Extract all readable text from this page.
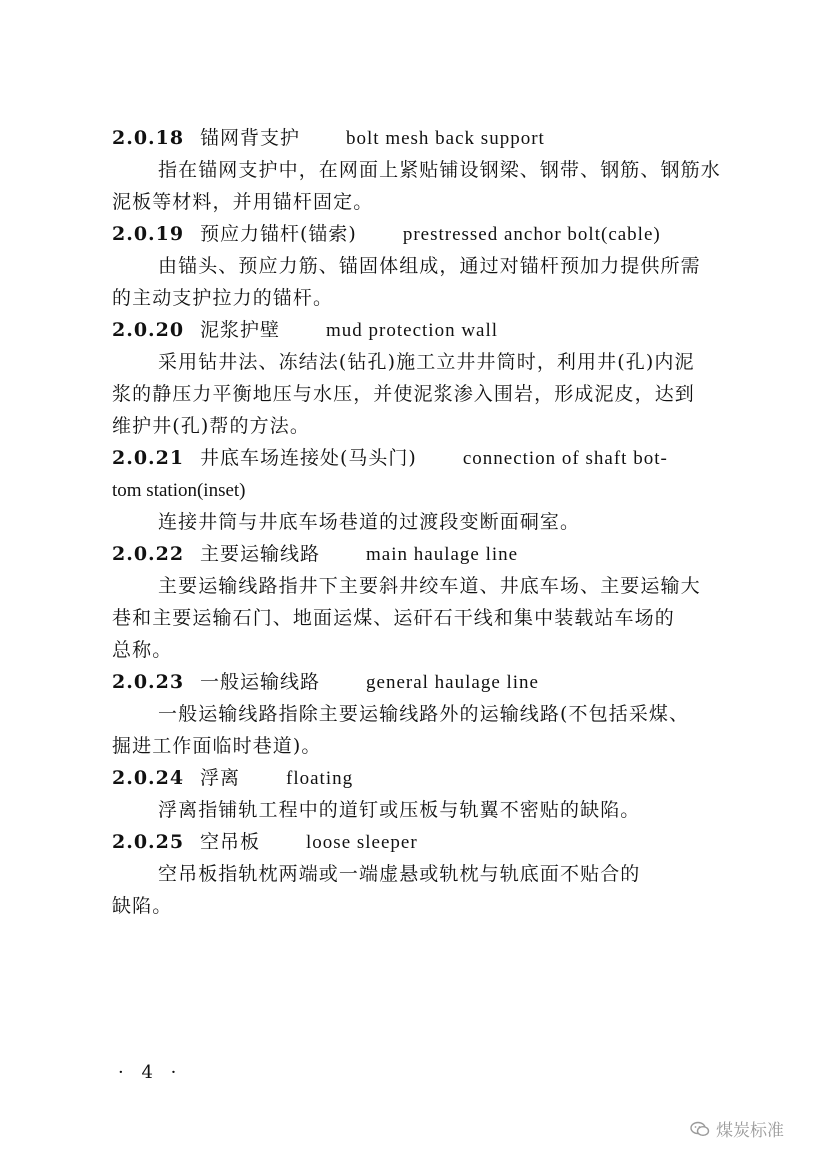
2.0.18 锚网背支护 bolt mesh back support
指在锚网支护中，在网面上紧贴铺设钢梁、钢带、钢筋、钢筋水
泥板等材料，并用锚杆固定。
2.0.19 预应力锚杆(锚索) prestressed anchor bolt(cable)
由锚头、预应力筋、锚固体组成，通过对锚杆预加力提供所需
的主动支护拉力的锚杆。
2.0.20 泥浆护壁 mud protection wall
采用钻井法、冻结法(钻孔)施工立井井筒时，利用井(孔)内泥
浆的静压力平衡地压与水压，并使泥浆渗入围岩，形成泥皮，达到
维护井(孔)帮的方法。
2.0.21 井底车场连接处(马头门) connection of shaft bot-
tom station(inset)
连接井筒与井底车场巷道的过渡段变断面硐室。
2.0.22 主要运输线路 main haulage line
主要运输线路指井下主要斜井绞车道、井底车场、主要运输大
巷和主要运输石门、地面运煤、运矸石干线和集中装载站车场的
总称。
2.0.23 一般运输线路 general haulage line
一般运输线路指除主要运输线路外的运输线路(不包括采煤、
掘进工作面临时巷道)。
2.0.24 浮离 floating
浮离指铺轨工程中的道钉或压板与轨翼不密贴的缺陷。
2.0.25 空吊板 loose sleeper
空吊板指轨枕两端或一端虚悬或轨枕与轨底面不贴合的
缺陷。
· 4 ·
煤炭标准
